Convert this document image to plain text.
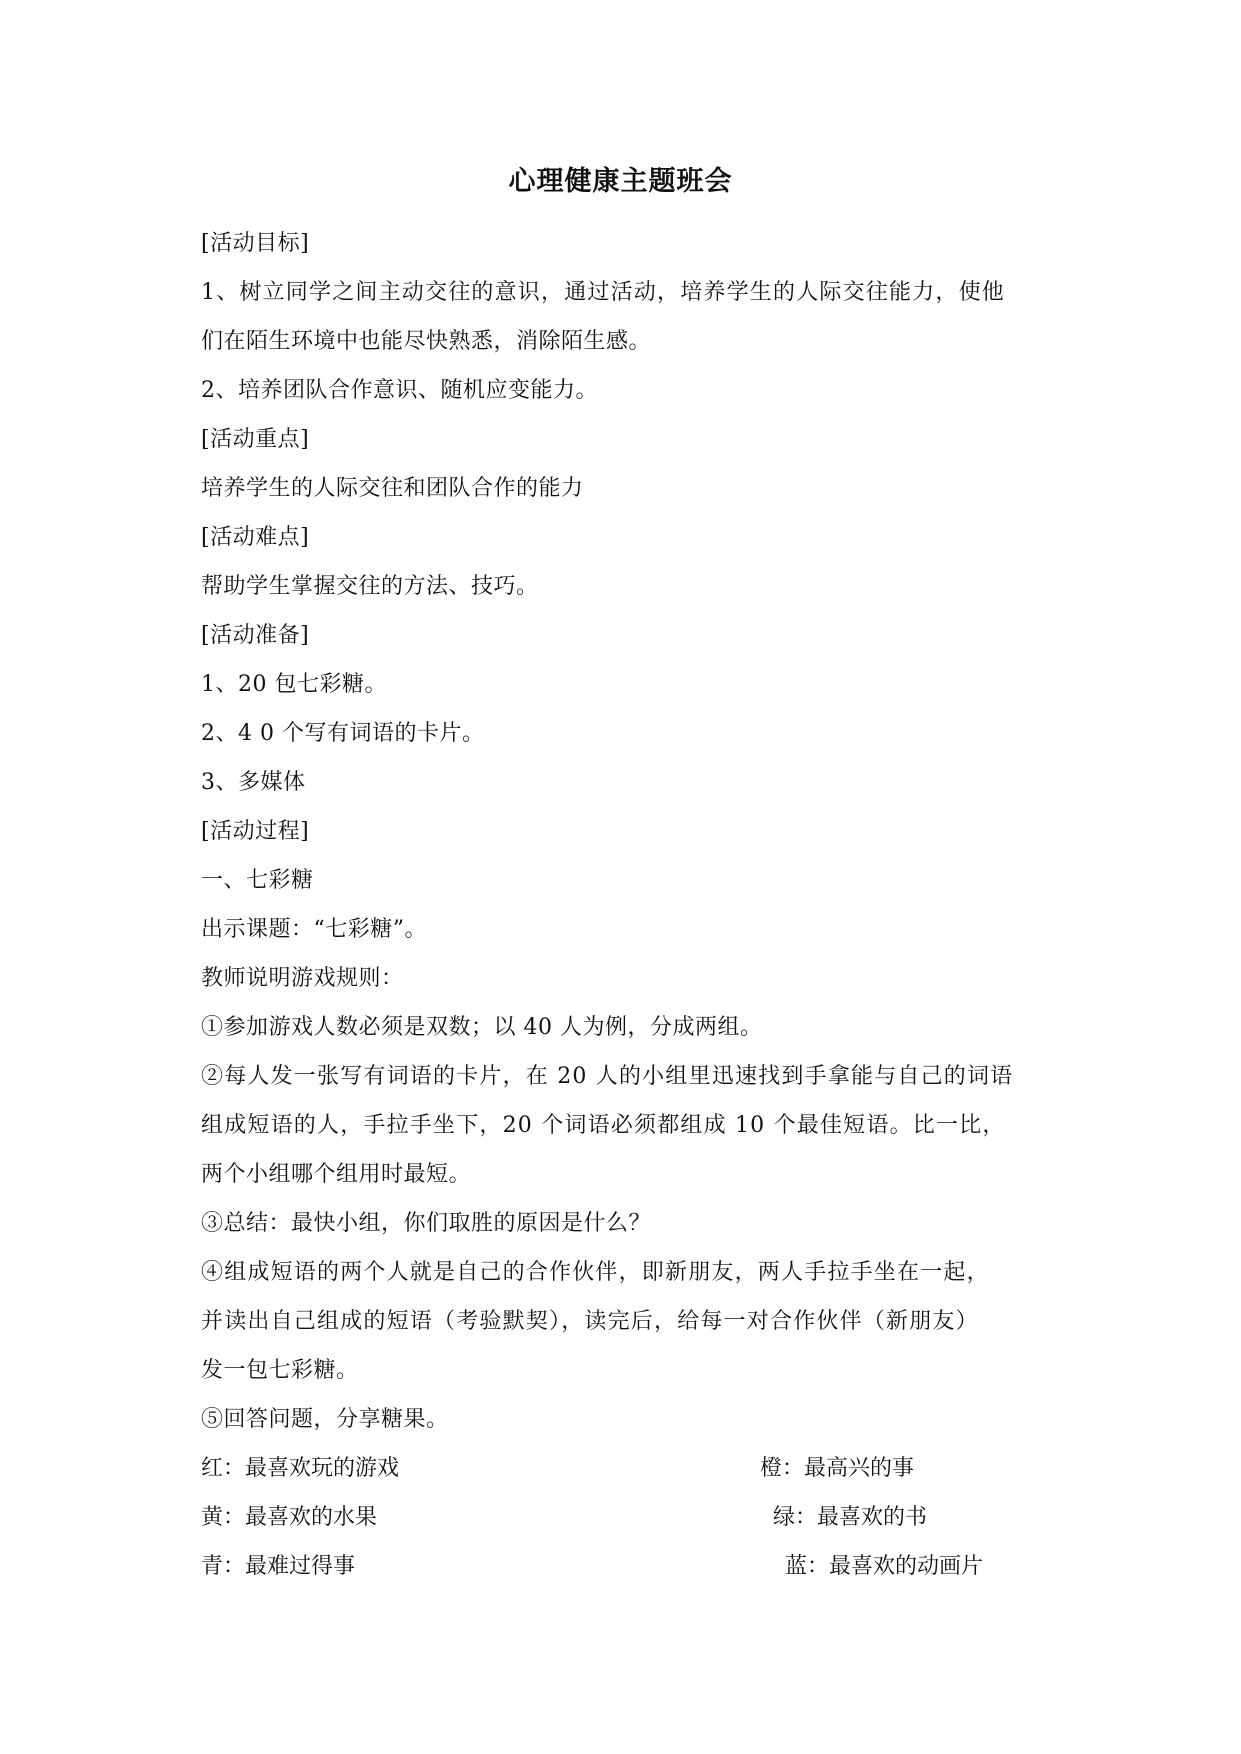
心理健康主题班会
[活动目标]
1、树立同学之间主动交往的意识，通过活动，培养学生的人际交往能力，使他
们在陌生环境中也能尽快熟悉，消除陌生感。
2、培养团队合作意识、随机应变能力。
[活动重点]
培养学生的人际交往和团队合作的能力
[活动难点]
帮助学生掌握交往的方法、技巧。
[活动准备]
1、20 包七彩糖。
2、4 0 个写有词语的卡片。
3、多媒体
[活动过程]
一、七彩糖
出示课题：“七彩糖”。
教师说明游戏规则：
①参加游戏人数必须是双数；以 40 人为例，分成两组。
②每人发一张写有词语的卡片，在 20 人的小组里迅速找到手拿能与自己的词语
组成短语的人，手拉手坐下，20 个词语必须都组成 10 个最佳短语。比一比，
两个小组哪个组用时最短。
③总结：最快小组，你们取胜的原因是什么？
④组成短语的两个人就是自己的合作伙伴，即新朋友，两人手拉手坐在一起，
并读出自己组成的短语（考验默契），读完后，给每一对合作伙伴（新朋友）
发一包七彩糖。
⑤回答问题，分享糖果。
红：最喜欢玩的游戏	橙：最高兴的事
黄：最喜欢的水果	绿：最喜欢的书
青：最难过得事	蓝：最喜欢的动画片
